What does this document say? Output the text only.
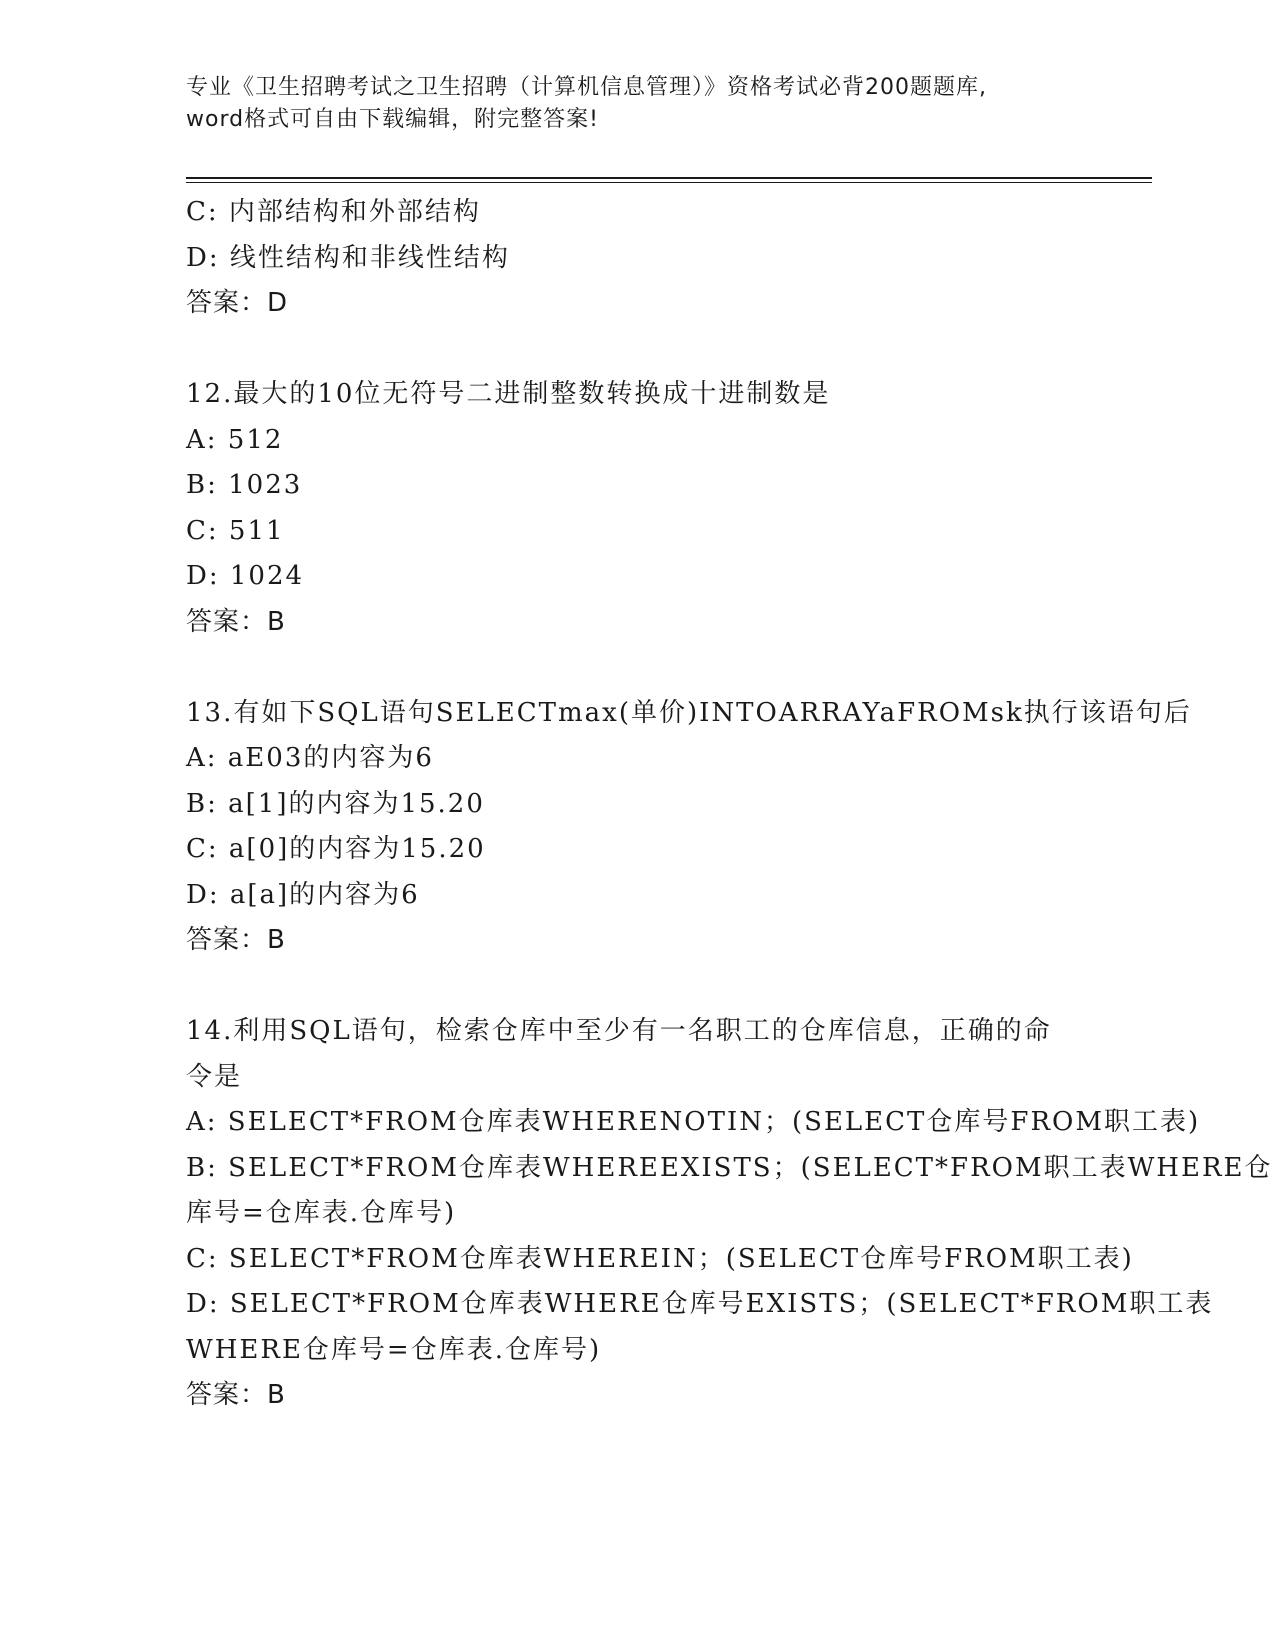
专业《卫生招聘考试之卫生招聘（计算机信息管理）》资格考试必背200题题库,
word格式可自由下载编辑，附完整答案!
C: 内部结构和外部结构
D: 线性结构和非线性结构
答案：D
12.最大的10位无符号二进制整数转换成十进制数是
A: 512
B: 1023
C: 511
D: 1024
答案：B
13.有如下SQL语句SELECTmax(单价)INTOARRAYaFROMsk执行该语句后
A: aE03的内容为6
B: a[1]的内容为15.20
C: a[0]的内容为15.20
D: a[a]的内容为6
答案：B
14.利用SQL语句，检索仓库中至少有一名职工的仓库信息，正确的命
令是
A: SELECT*FROM仓库表WHERENOTIN；(SELECT仓库号FROM职工表)
B: SELECT*FROM仓库表WHEREEXISTS；(SELECT*FROM职工表WHERE仓
库号=仓库表.仓库号)
C: SELECT*FROM仓库表WHEREIN；(SELECT仓库号FROM职工表)
D: SELECT*FROM仓库表WHERE仓库号EXISTS；(SELECT*FROM职工表
WHERE仓库号=仓库表.仓库号)
答案：B
